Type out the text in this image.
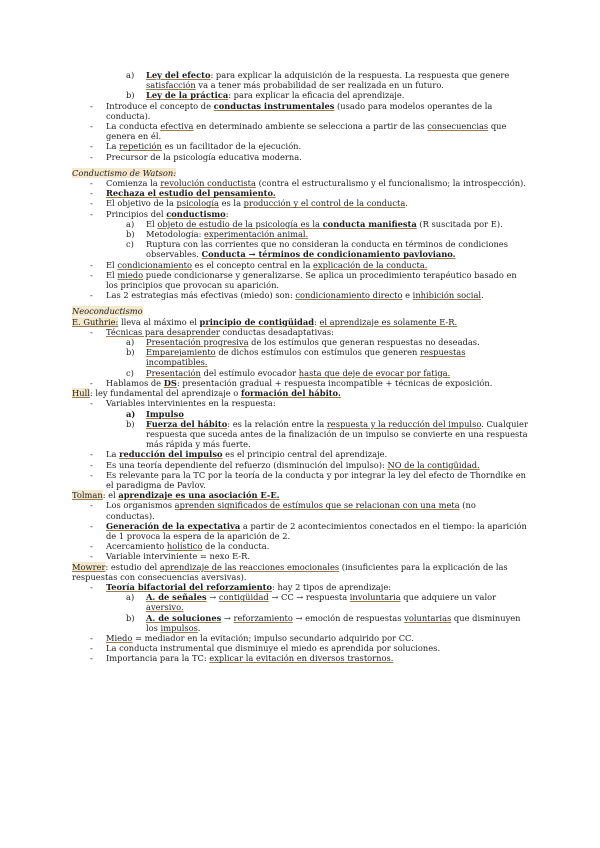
a) Ley del efecto: para explicar la adquisición de la respuesta. La respuesta que genere
satisfacción va a tener más probabilidad de ser realizada en un futuro.
b) Ley de la práctica: para explicar la eficacia del aprendizaje.
- Introduce el concepto de conductas instrumentales (usado para modelos operantes de la
conducta).
- La conducta efectiva en determinado ambiente se selecciona a partir de las consecuencias que
genera en él.
- La repetición es un facilitador de la ejecución.
- Precursor de la psicología educativa moderna.
Conductismo de Watson:
- Comienza la revolución conductista (contra el estructuralismo y el funcionalismo; la introspección).
- Rechaza el estudio del pensamiento.
- El objetivo de la psicología es la producción y el control de la conducta.
- Principios del conductismo:
a) El objeto de estudio de la psicología es la conducta manifiesta (R suscitada por E).
b) Metodología: experimentación animal.
c) Ruptura con las corrientes que no consideran la conducta en términos de condiciones
observables. Conducta → términos de condicionamiento pavloviano.
- El condicionamiento es el concepto central en la explicación de la conducta.
- El miedo puede condicionarse y generalizarse. Se aplica un procedimiento terapéutico basado en
los principios que provocan su aparición.
- Las 2 estrategias más efectivas (miedo) son: condicionamiento directo e inhibición social.
Neoconductismo
E. Guthrie: lleva al máximo el principio de contigüidad: el aprendizaje es solamente E-R.
- Técnicas para desaprender conductas desadaptativas:
a) Presentación progresiva de los estímulos que generan respuestas no deseadas.
b) Emparejamiento de dichos estímulos con estímulos que generen respuestas
incompatibles.
c) Presentación del estímulo evocador hasta que deje de evocar por fatiga.
- Hablamos de DS: presentación gradual + respuesta incompatible + técnicas de exposición.
Hull: ley fundamental del aprendizaje o formación del hábito.
- Variables intervinientes en la respuesta:
a) Impulso
b) Fuerza del hábito: es la relación entre la respuesta y la reducción del impulso. Cualquier
respuesta que suceda antes de la finalización de un impulso se convierte en una respuesta
más rápida y más fuerte.
- La reducción del impulso es el principio central del aprendizaje.
- Es una teoría dependiente del refuerzo (disminución del impulso): NO de la contigüidad.
- Es relevante para la TC por la teoría de la conducta y por integrar la ley del efecto de Thorndike en
el paradigma de Pavlov.
Tolman: el aprendizaje es una asociación E-E.
- Los organismos aprenden significados de estímulos que se relacionan con una meta (no
conductas).
- Generación de la expectativa a partir de 2 acontecimientos conectados en el tiempo: la aparición
de 1 provoca la espera de la aparición de 2.
- Acercamiento holístico de la conducta.
- Variable interviniente = nexo E-R.
Mowrer: estudio del aprendizaje de las reacciones emocionales (insuficientes para la explicación de las
respuestas con consecuencias aversivas).
- Teoría bifactorial del reforzamiento: hay 2 tipos de aprendizaje:
a) A. de señales → contigüidad → CC → respuesta involuntaria que adquiere un valor
aversivo.
b) A. de soluciones → reforzamiento → emoción de respuestas voluntarias que disminuyen
los impulsos.
- Miedo = mediador en la evitación; impulso secundario adquirido por CC.
- La conducta instrumental que disminuye el miedo es aprendida por soluciones.
- Importancia para la TC: explicar la evitación en diversos trastornos.
